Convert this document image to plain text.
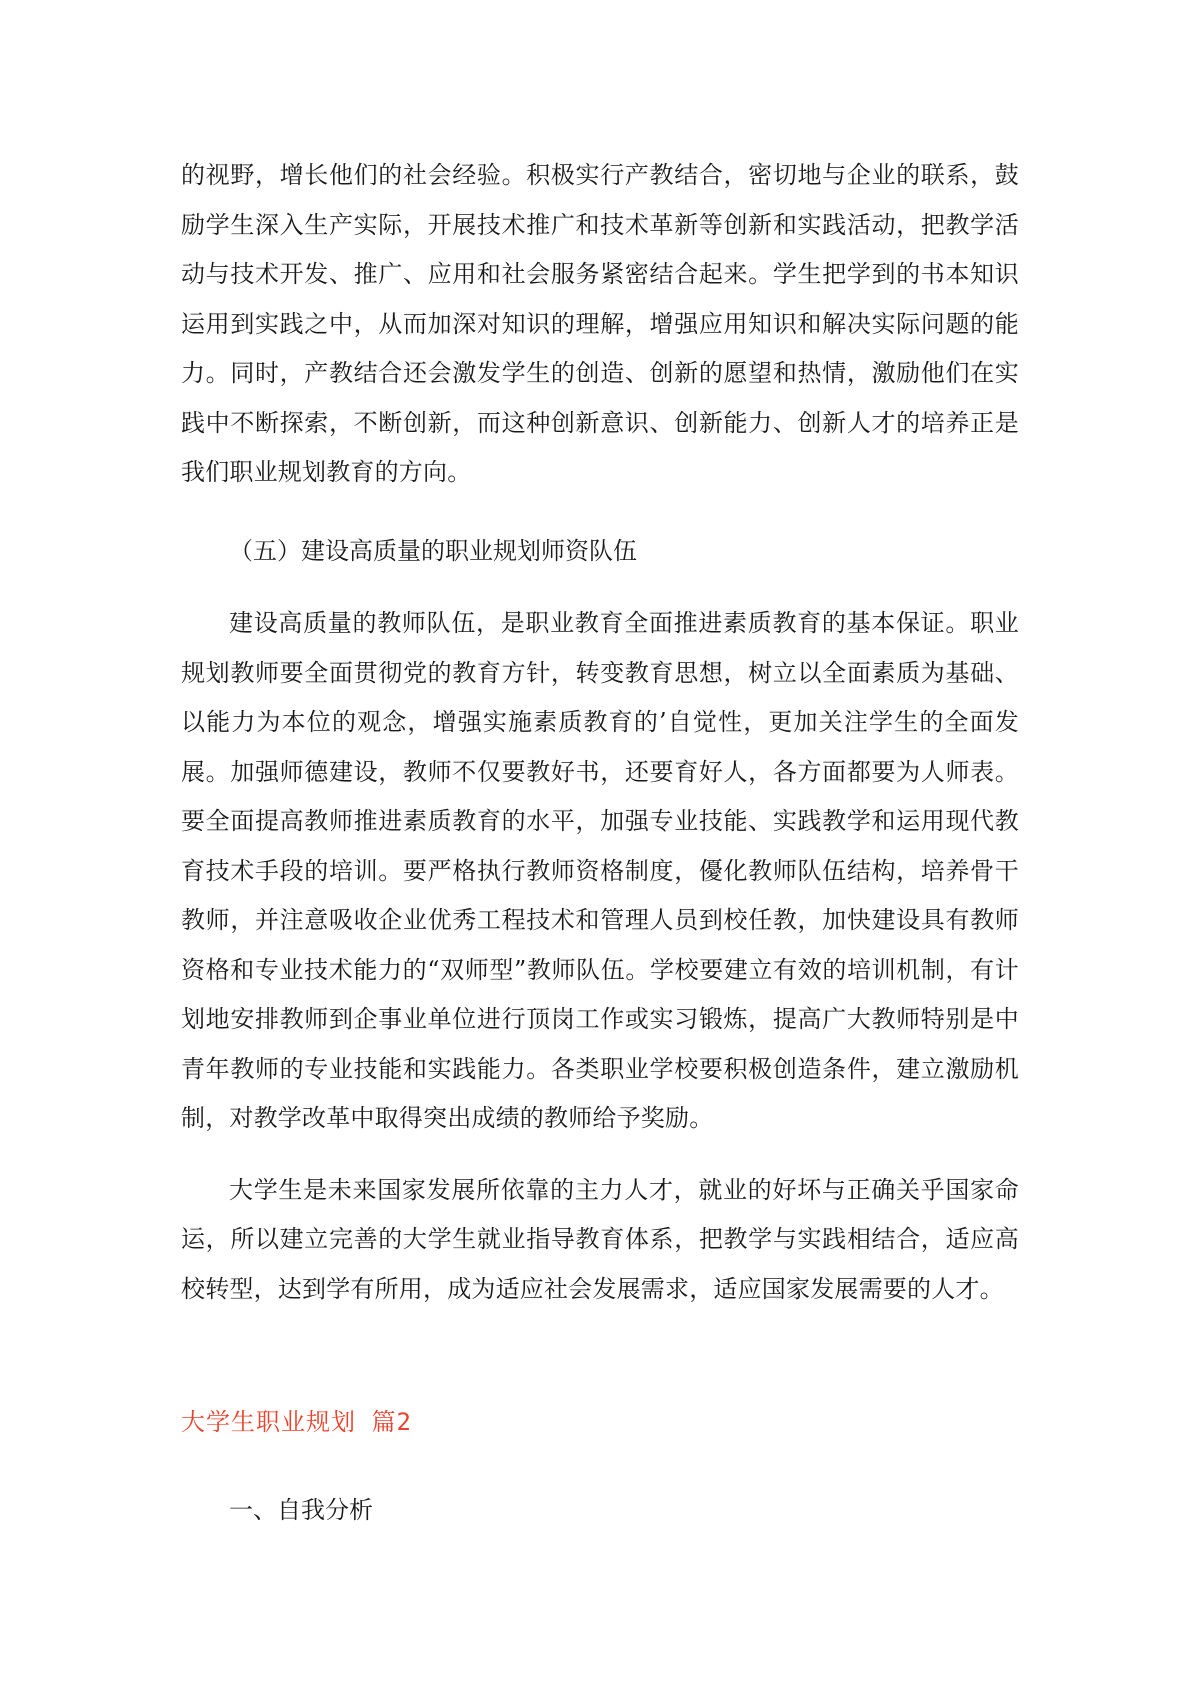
的视野，增长他们的社会经验。积极实行产教结合，密切地与企业的联系，鼓励学生深入生产实际，开展技术推广和技术革新等创新和实践活动，把教学活动与技术开发、推广、应用和社会服务紧密结合起来。学生把学到的书本知识运用到实践之中，从而加深对知识的理解，增强应用知识和解决实际问题的能力。同时，产教结合还会激发学生的创造、创新的愿望和热情，激励他们在实践中不断探索，不断创新，而这种创新意识、创新能力、创新人才的培养正是我们职业规划教育的方向。

（五）建设高质量的职业规划师资队伍

建设高质量的教师队伍，是职业教育全面推进素质教育的基本保证。职业规划教师要全面贯彻党的教育方针，转变教育思想，树立以全面素质为基础、以能力为本位的观念，增强实施素质教育的’自觉性，更加关注学生的全面发展。加强师德建设，教师不仅要教好书，还要育好人，各方面都要为人师表。要全面提高教师推进素质教育的水平，加强专业技能、实践教学和运用现代教育技术手段的培训。要严格执行教师资格制度，優化教师队伍结构，培养骨干教师，并注意吸收企业优秀工程技术和管理人员到校任教，加快建设具有教师资格和专业技术能力的“双师型”教师队伍。学校要建立有效的培训机制，有计划地安排教师到企事业单位进行顶岗工作或实习锻炼，提高广大教师特别是中青年教师的专业技能和实践能力。各类职业学校要积极创造条件，建立激励机制，对教学改革中取得突出成绩的教师给予奖励。

大学生是未来国家发展所依靠的主力人才，就业的好坏与正确关乎国家命运，所以建立完善的大学生就业指导教育体系，把教学与实践相结合，适应高校转型，达到学有所用，成为适应社会发展需求，适应国家发展需要的人才。

大学生职业规划 篇2
一、自我分析
